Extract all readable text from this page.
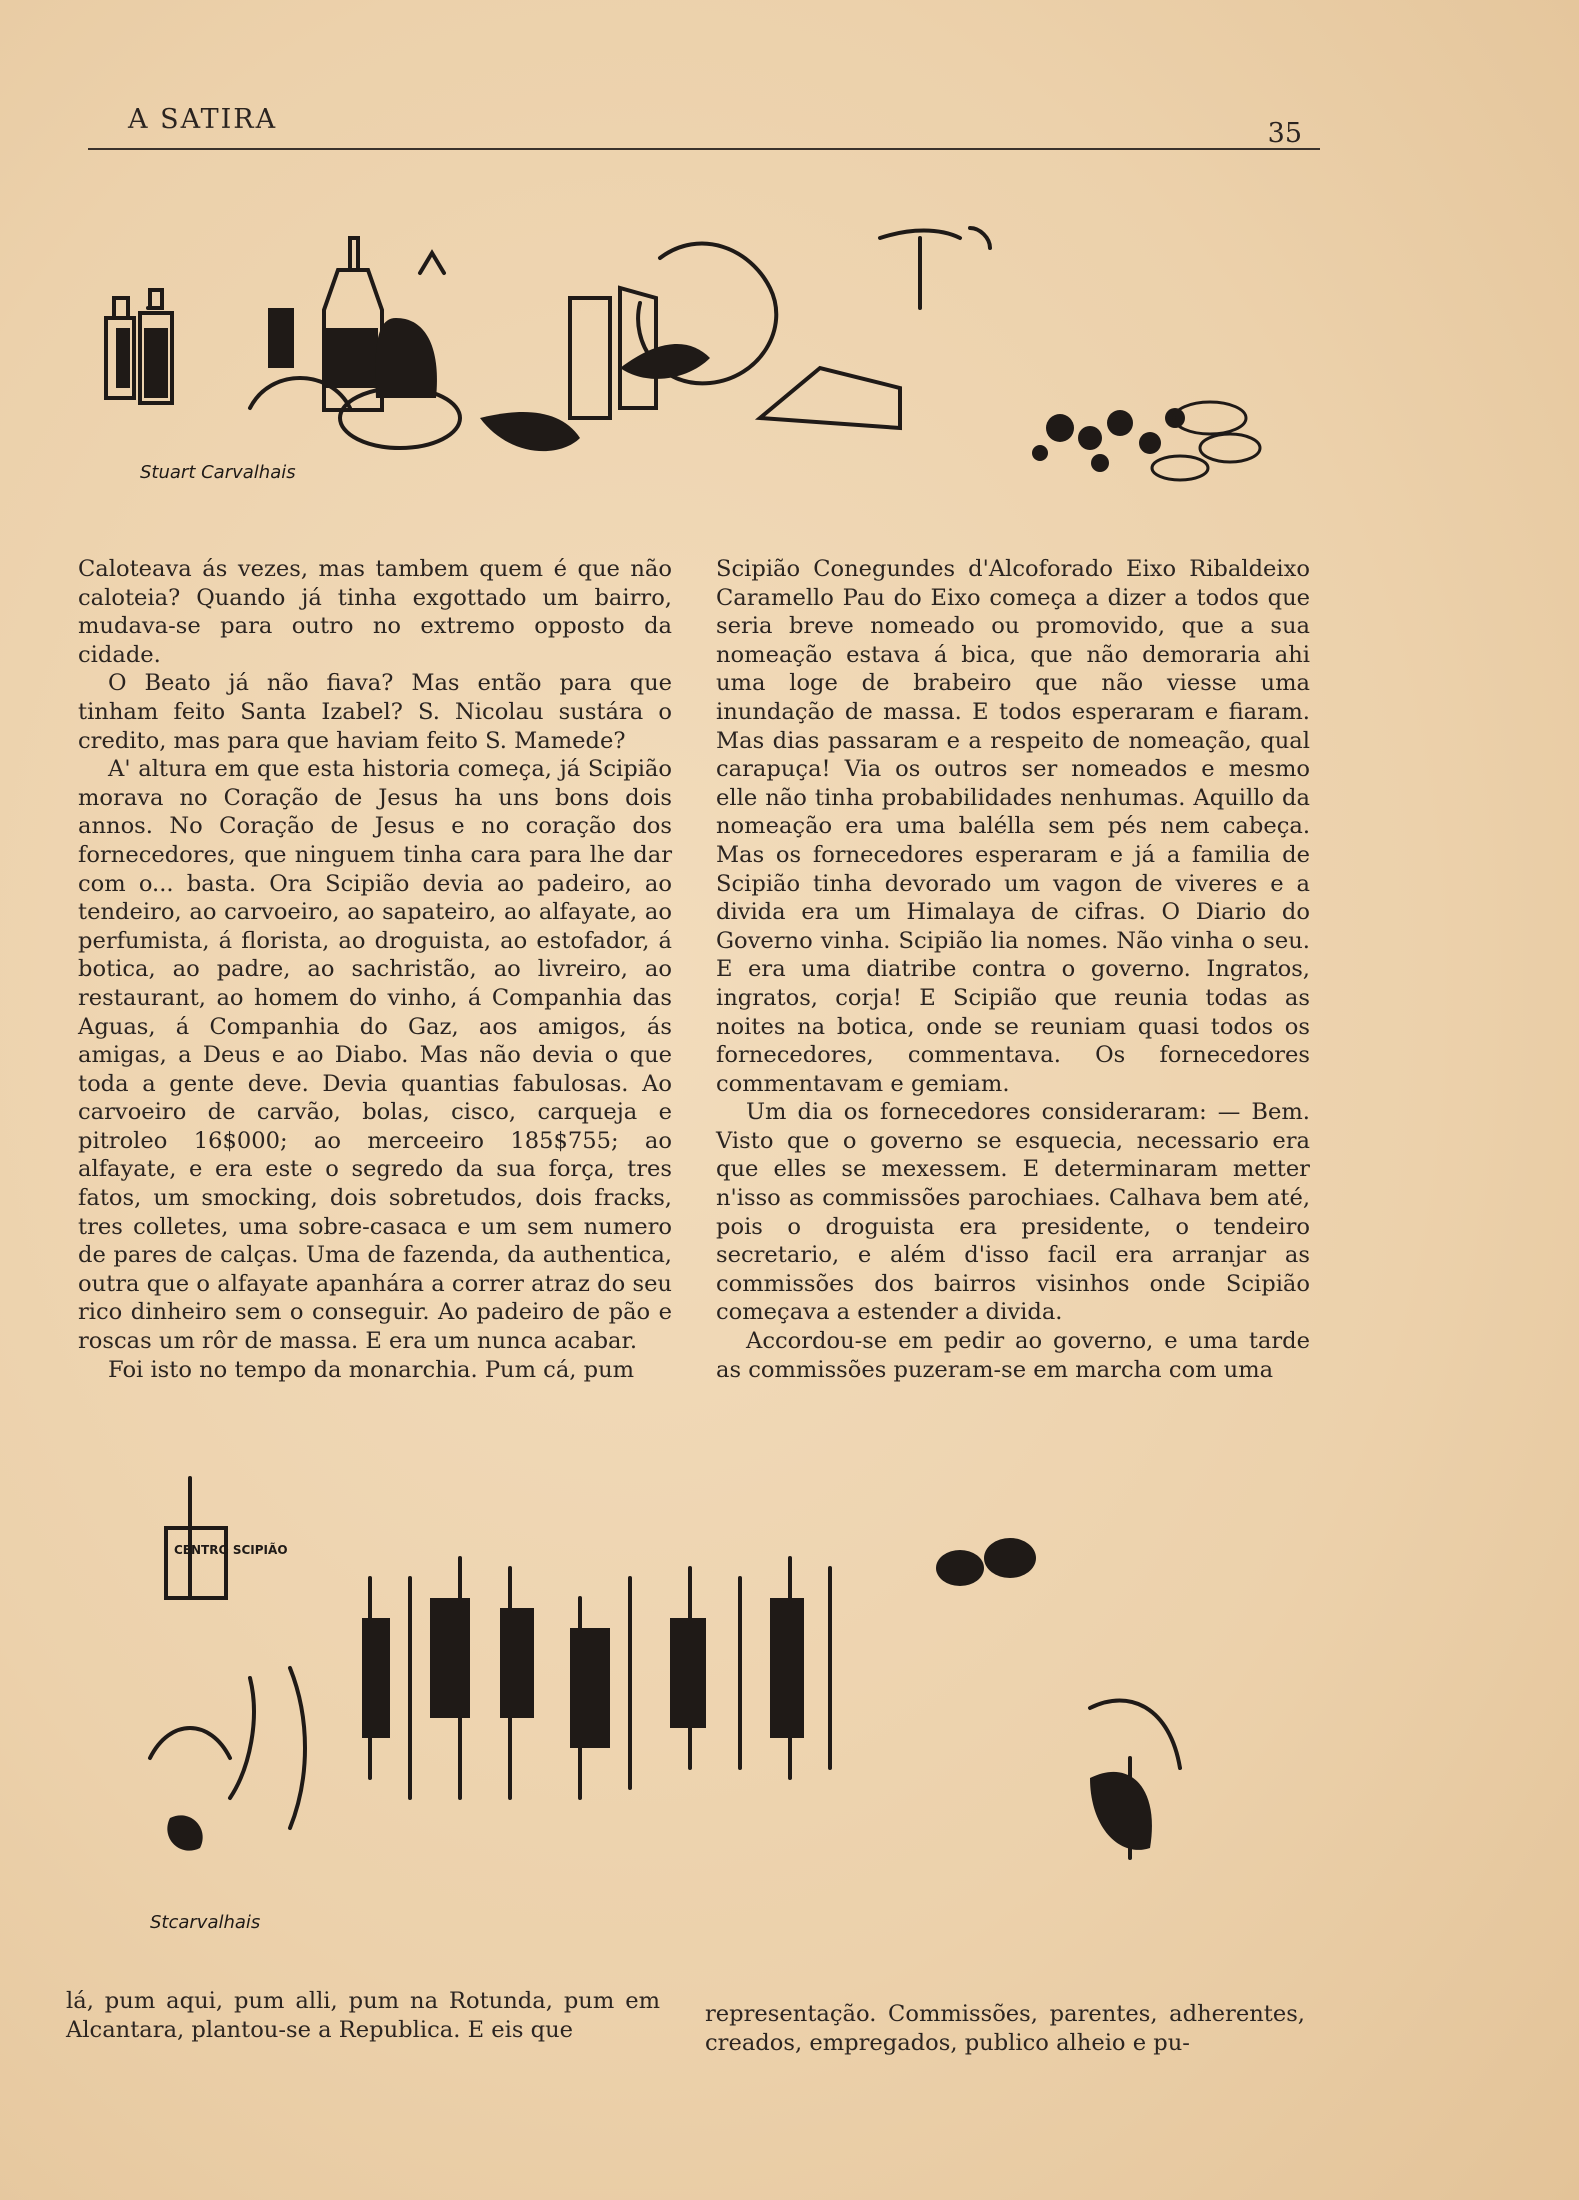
A SATIRA	35
Stuart Carvalhais

Caloteava ás vezes, mas tambem quem é que não caloteia? Quando já tinha exgottado um bairro, mudava-se para outro no extremo opposto da cidade.

O Beato já não fiava? Mas então para que tinham feito Santa Izabel? S. Nicolau sustára o credito, mas para que haviam feito S. Mamede?

A' altura em que esta historia começa, já Scipião morava no Coração de Jesus ha uns bons dois annos. No Coração de Jesus e no coração dos fornecedores, que ninguem tinha cara para lhe dar com o... basta. Ora Scipião devia ao padeiro, ao tendeiro, ao carvoeiro, ao sapateiro, ao alfayate, ao perfumista, á florista, ao droguista, ao estofador, á botica, ao padre, ao sachristão, ao livreiro, ao restaurant, ao homem do vinho, á Companhia das Aguas, á Companhia do Gaz, aos amigos, ás amigas, a Deus e ao Diabo. Mas não devia o que toda a gente deve. Devia quantias fabulosas. Ao carvoeiro de carvão, bolas, cisco, carqueja e pitroleo 16$000; ao merceeiro 185$755; ao alfayate, e era este o segredo da sua força, tres fatos, um smocking, dois sobretudos, dois fracks, tres colletes, uma sobre-casaca e um sem numero de pares de calças. Uma de fazenda, da authentica, outra que o alfayate apanhára a correr atraz do seu rico dinheiro sem o conseguir. Ao padeiro de pão e roscas um rôr de massa. E era um nunca acabar.

Foi isto no tempo da monarchia. Pum cá, pum

Scipião Conegundes d'Alcoforado Eixo Ribaldeixo Caramello Pau do Eixo começa a dizer a todos que seria breve nomeado ou promovido, que a sua nomeação estava á bica, que não demoraria ahi uma loge de brabeiro que não viesse uma inundação de massa. E todos esperaram e fiaram. Mas dias passaram e a respeito de nomeação, qual carapuça! Via os outros ser nomeados e mesmo elle não tinha probabilidades nenhumas. Aquillo da nomeação era uma balélla sem pés nem cabeça. Mas os fornecedores esperaram e já a familia de Scipião tinha devorado um vagon de viveres e a divida era um Himalaya de cifras. O Diario do Governo vinha. Scipião lia nomes. Não vinha o seu. E era uma diatribe contra o governo. Ingratos, ingratos, corja! E Scipião que reunia todas as noites na botica, onde se reuniam quasi todos os fornecedores, commentava. Os fornecedores commentavam e gemiam.

Um dia os fornecedores consideraram: — Bem. Visto que o governo se esquecia, necessario era que elles se mexessem. E determinaram metter n'isso as commissões parochiaes. Calhava bem até, pois o droguista era presidente, o tendeiro secretario, e além d'isso facil era arranjar as commissões dos bairros visinhos onde Scipião começava a estender a divida.

Accordou-se em pedir ao governo, e uma tarde as commissões puzeram-se em marcha com uma

CENTRO SCIPIÃO
Stcarvalhais
lá, pum aqui, pum alli, pum na Rotunda, pum em Alcantara, plantou-se a Republica. E eis que
representação. Commissões, parentes, adherentes, creados, empregados, publico alheio e pu-
